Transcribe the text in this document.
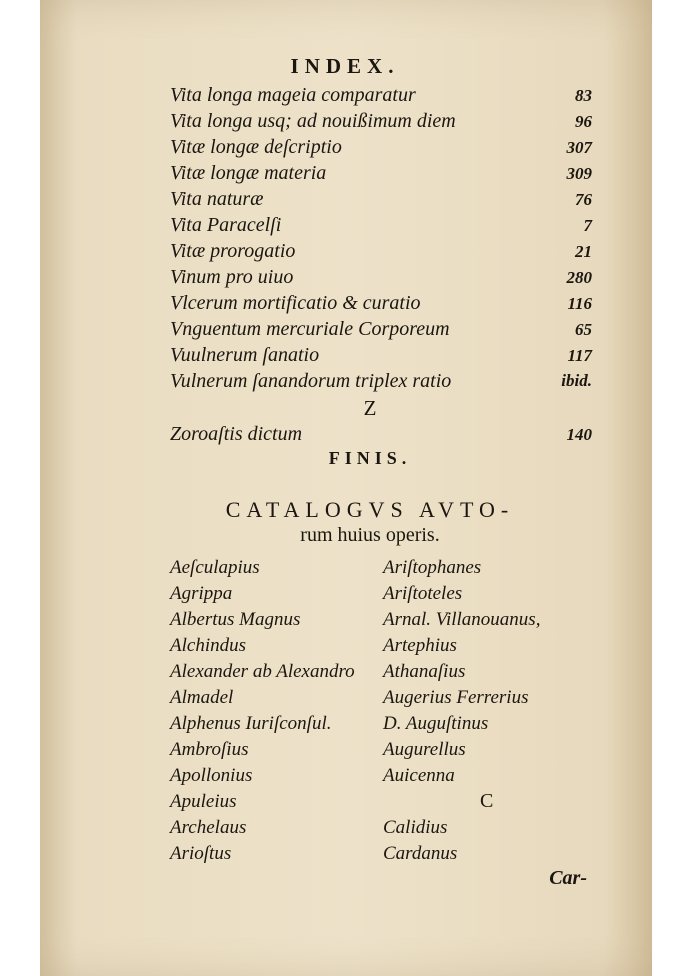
INDEX.
Vita longa mageia comparatur	83
Vita longa usq; ad nouißimum diem	96
Vitæ longæ deſcriptio	307
Vitæ longæ materia	309
Vita naturæ	76
Vita Paracelſi	7
Vitæ prorogatio	21
Vinum pro uiuo	280
Vlcerum mortificatio & curatio	116
Vnguentum mercuriale Corporeum	65
Vuulnerum ſanatio	117
Vulnerum ſanandorum triplex ratio	ibid.
Z
Zoroaſtis dictum	140
FINIS.
CATALOGVS AVTO-
rum huius operis.
Aeſculapius
Agrippa
Albertus Magnus
Alchindus
Alexander ab Alexandro
Almadel
Alphenus Iuriſconſul.
Ambroſius
Apollonius
Apuleius
Archelaus
Arioſtus
Ariſtophanes
Ariſtoteles
Arnal. Villanouanus,
Artephius
Athanaſius
Augerius Ferrerius
D. Auguſtinus
Augurellus
Auicenna
C
Calidius
Cardanus
Car-
